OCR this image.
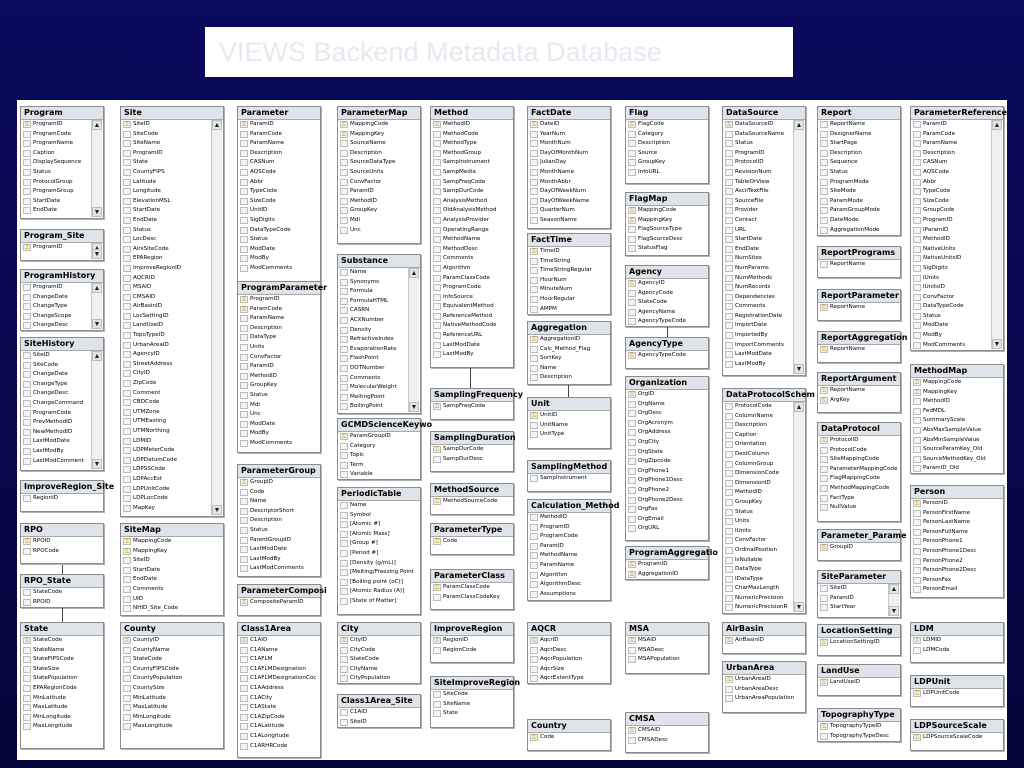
VIEWS Backend Metadata Database
Program
⚿
ProgramID
ProgramCode
ProgramName
Caption
DisplaySequence
Status
ProtocolGroup
ProgramGroup
StartDate
EndDate
▲
▼
Program_Site
⚿
ProgramID
▼
ProgramHistory
ProgramID
ChangeDate
ChangeType
ChangeScope
ChangeDesc
▲
▼
SiteHistory
SiteID
SiteCode
ChangeDate
ChangeType
ChangeDesc
ChangeCommand
ProgramCode
PrevMethodID
NewMethodID
LastModDate
LastModBy
LastModComment
▲
▼
ImproveRegion_Site
RegionID
RPO
⚿
RPOID
RPOCode
RPO_State
StateCode
RPOID
State
⚿
StateCode
StateName
StateFIPSCode
StateSize
StatePopulation
EPARegionCode
MinLatitude
MaxLatitude
MinLongitude
MaxLongitude
Site
⚿
SiteID
SiteCode
SiteName
ProgramID
State
CountyFIPS
Latitude
Longitude
ElevationMSL
StartDate
EndDate
Status
LocDesc
AirsSiteCode
EPARegion
ImproveRegionID
AQCRID
MSAID
CMSAID
AirBasinID
LocSettingID
LandUseID
TopoTypeID
UrbanAreaID
AgencyID
StreetAddress
CityID
ZipCode
Comment
CBDCode
UTMZone
UTMEasting
UTMNorthing
LDMID
LDPMeterCode
LDPDatumCode
LDPSSCode
LDPAccEst
LDPUnitCode
LDPLocCode
MapKey
▲
▼
SiteMap
⚿
MappingCode
⚿
MappingKey
SiteID
StartDate
EndDate
Comments
UID
NHID_Site_Code
County
⚿
CountyID
CountyName
StateCode
CountyFIPSCode
CountyPopulation
CountySize
MinLatitude
MaxLatitude
MinLongitude
MaxLongitude
Parameter
⚿
ParamID
ParamCode
ParamName
Description
CASNum
AQSCode
Abbr
TypeCode
SizeCode
UnitID
SigDigits
DataTypeCode
Status
ModDate
ModBy
ModComments
ProgramParameter
⚿
ProgramID
⚿
ParamCode
ParamName
Description
DataType
Units
ConvFactor
ParamID
MethodID
GroupKey
Status
Mdl
Unc
ModDate
ModBy
ModComments
ParameterGroup
⚿
GroupID
Code
Name
DescriptorShort
Description
Status
ParentGroupID
LastModDate
LastModBy
LastModComments
ParameterComposi
⚿
CompositeParamID
Class1Area
⚿
C1AID
C1AName
C1AFLM
C1AFLMDesignation
C1AFLMDesignationCoc
C1AAddress
C1ACity
C1AState
C1AZipCode
C1ALatitude
C1ALongitude
C1ARHRCode
ParameterMap
⚿
MappingCode
⚿
MappingKey
SourceName
Description
SourceDataType
SourceUnits
ConvFactor
ParamID
MethodID
GroupKey
Mdl
Unc
Substance
Name
Synonyms
Formula
FormulaHTML
CASRN
ACXNumber
Density
RefractiveIndex
EvaporationRate
FlashPoint
DOTNumber
Comments
MolecularWeight
MeltingPoint
BoilingPoint
▲
▼
GCMDScienceKeywo
⚿
ParamGroupID
Category
Topic
Term
Variable
PeriodicTable
Name
Symbol
[Atomic #]
[Atomic Mass]
[Group #]
[Period #]
[Density (g/mL)]
[Melting/Freezing Point
[Boiling point (oC)]
[Atomic Radius (A)]
[State of Matter]
City
⚿
CityID
CityCode
StateCode
CityName
CityPopulation
Class1Area_Site
C1AID
SiteID
Method
⚿
MethodID
MethodCode
MethodType
MethodGroup
SampInstrument
SampMedia
SampFreqCode
SampDurCode
AnalysisMethod
OldAnalysisMethod
AnalysisProvider
OperatingRange
MethodName
MethodDesc
Comments
Algorithm
ParamClassCode
ProgramCode
InfoSource
EquivalentMethod
ReferenceMethod
NativeMethodCode
ReferenceURL
LastModDate
LastModBy
SamplingFrequency
⚿
SampFreqCode
SamplingDuration
⚿
SampDurCode
SampDurDesc
MethodSource
⚿
MethodSourceCode
ParameterType
⚿
Code
ParameterClass
⚿
ParamClassCode
ParamClassCodeKey
ImproveRegion
⚿
RegionID
RegionCode
SiteImproveRegion
SiteCode
SiteName
State
FactDate
⚿
DateID
YearNum
MonthNum
DayOfMonthNum
JulianDay
MonthName
MonthAbbr
DayOfWeekNum
DayOfWeekName
QuarterNum
SeasonName
FactTime
⚿
TimeID
TimeString
TimeStringRegular
HourNum
MinuteNum
HourRegular
AMPM
Aggregation
⚿
AggregationID
Calc_Method_Flag
SortKey
Name
Description
Unit
⚿
UnitID
UnitName
UnitType
SamplingMethod
SampInstrument
Calculation_Method
MethodID
ProgramID
ProgramCode
ParamID
MethodName
ParamName
Algorithm
AlgorithmDesc
Assumptions
AQCR
⚿
AqcrID
AqcrDesc
AqcrPopulation
AqcrSize
AqcrExtentType
Country
⚿
Code
Flag
⚿
FlagCode
Category
Description
Source
GroupKey
InfoURL
FlagMap
⚿
MappingCode
⚿
MappingKey
FlagSourceType
FlagSourceDesc
StatusFlag
Agency
⚿
AgencyID
AgencyCode
StateCode
AgencyName
AgencyTypeCode
AgencyType
⚿
AgencyTypeCode
Organization
⚿
OrgID
OrgName
OrgDesc
OrgAcronym
OrgAddress
OrgCity
OrgState
OrgZipcode
OrgPhone1
OrgPhone1Desc
OrgPhone2
OrgPhone2Desc
OrgFax
OrgEmail
OrgURL
ProgramAggregatio
⚿
ProgramID
⚿
AggregationID
MSA
⚿
MSAID
MSADesc
MSAPopulation
CMSA
⚿
CMSAID
CMSADesc
DataSource
⚿
DataSourceID
DataSourceName
Status
ProgramID
ProtocolID
RevisionNum
TableOrView
AsciiTextFile
SourceFile
Provider
Contact
URL
StartDate
EndDate
NumSites
NumParams
NumMethods
NumRecords
Dependencies
Comments
RegistrationDate
ImportDate
ImportedBy
ImportComments
LastModDate
LastModBy
▲
▼
DataProtocolSchem
ProtocolCode
ColumnName
Description
Caption
Orientation
DestColumn
ColumnGroup
DimensionCode
DimensionID
MethodID
GroupKey
Status
Units
IUnits
ConvFactor
OrdinalPosition
IsNullable
DataType
IDataType
CharMaxLength
NumericPrecision
NumericPrecisionR
▲
▼
AirBasin
⚿
AirBasinID
UrbanArea
⚿
UrbanAreaID
UrbanAreaDesc
UrbanAreaPopulation
Report
ReportName
DesignerName
StartPage
Description
Sequence
Status
ProgramMode
SiteMode
ParamMode
ParamGroupMode
DateMode
AggregationMode
ReportPrograms
ReportName
ReportParameter
⚿
ReportName
ReportAggregation
⚿
ReportName
ReportArgument
⚿
ReportName
⚿
ArgKey
DataProtocol
⚿
ProtocolID
ProtocolCode
SiteMappingCode
ParameterMappingCode
FlagMappingCode
MethodMappingCode
FactType
NullValue
Parameter_Parame
⚿
GroupID
SiteParameter
SiteID
ParamID
StartYear
▲
▼
LocationSetting
⚿
LocationSettingID
LandUse
⚿
LandUseID
TopographyType
⚿
TopographyTypeID
TopographyTypeDesc
ParameterReference
ParamID
ParamCode
ParamName
Description
CASNum
AQSCode
Abbr
TypeCode
SizeCode
GroupCode
ProgramID
IParamID
MethodID
NativeUnits
NativeUnitsID
SigDigits
IUnits
IUnitsID
ConvFactor
DataTypeCode
Status
ModDate
ModBy
ModComments
▲
▼
MethodMap
⚿
MappingCode
⚿
MappingKey
MethodID
FedMDL
SummaryScale
AbsMaxSampleValue
AbsMinSampleValue
SourceParamKey_Old
SourceMethodKey_Old
ParamID_Old
Person
⚿
PersonID
PersonFirstName
PersonLastName
PersonFullName
PersonPhone1
PersonPhone1Desc
PersonPhone2
PersonPhone2Desc
PersonFax
PersonEmail
LDM
⚿
LDMID
LDMCode
LDPUnit
⚿
LDPUnitCode
LDPSourceScale
⚿
LDPSourceScaleCode
